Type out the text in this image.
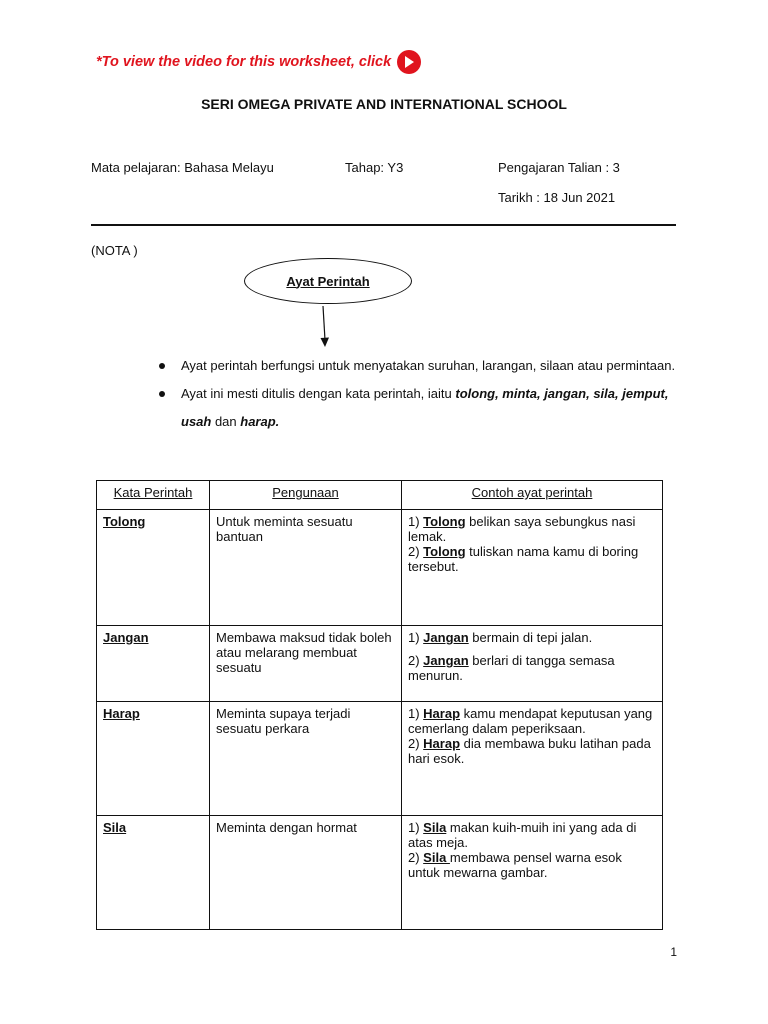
*To view the video for this worksheet, click
SERI OMEGA PRIVATE AND INTERNATIONAL SCHOOL
Mata pelajaran: Bahasa Melayu	Tahap: Y3	Pengajaran Talian : 3
Tarikh : 18 Jun 2021
(NOTA )
Ayat Perintah
Ayat perintah berfungsi untuk menyatakan suruhan, larangan, silaan atau permintaan.
Ayat ini mesti ditulis dengan kata perintah, iaitu tolong, minta, jangan, sila, jemput, usah dan harap.
Kata Perintah	Pengunaan	Contoh ayat perintah
Tolong	Untuk meminta sesuatu bantuan	1) Tolong belikan saya sebungkus nasi lemak.
2) Tolong tuliskan nama kamu di boring tersebut.

Jangan	Membawa maksud tidak boleh atau melarang membuat sesuatu	1) Jangan bermain di tepi jalan.
2) Jangan berlari di tangga semasa menurun.

Harap	Meminta supaya terjadi sesuatu perkara	1) Harap kamu mendapat keputusan yang cemerlang dalam peperiksaan.
2) Harap dia membawa buku latihan pada hari esok.

Sila	Meminta dengan hormat	1) Sila makan kuih-muih ini yang ada di atas meja.
2) Sila membawa pensel warna esok untuk mewarna gambar.
1
